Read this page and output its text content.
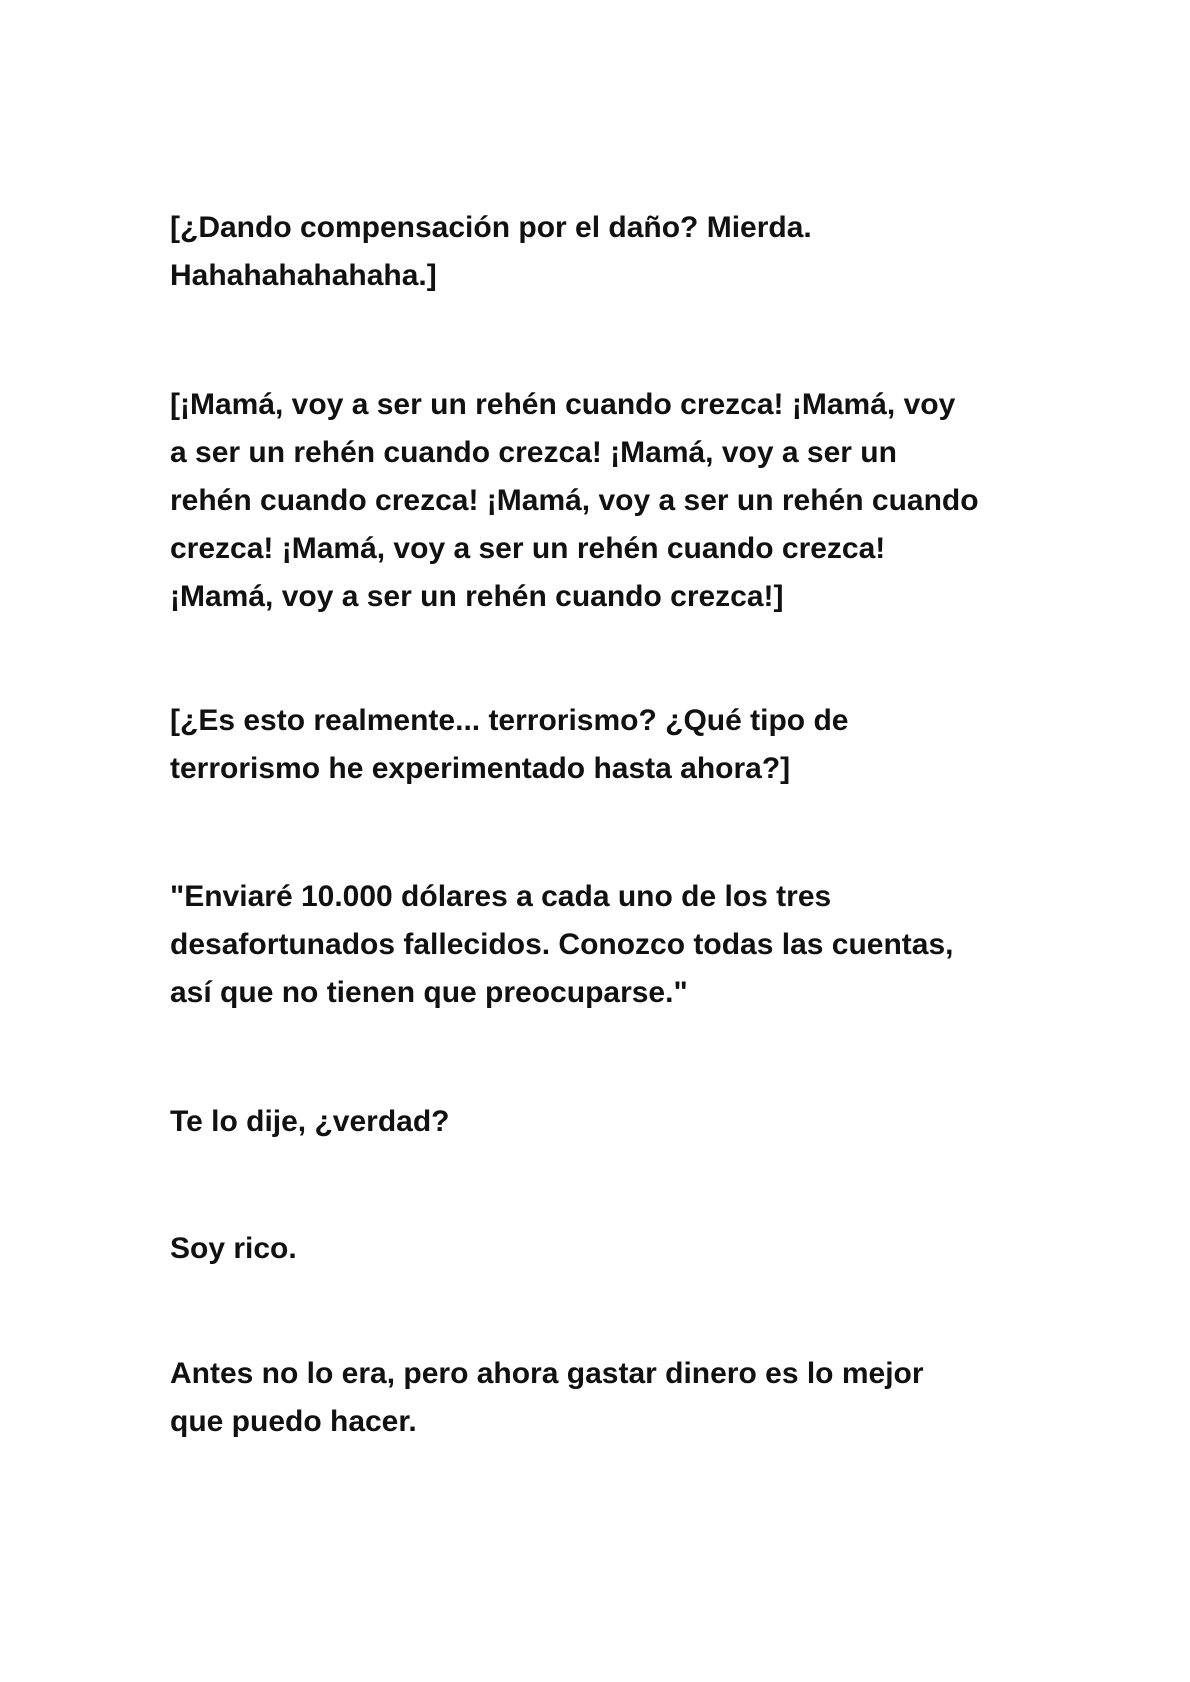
[¿Dando compensación por el daño? Mierda.
Hahahahahahaha.]

[¡Mamá, voy a ser un rehén cuando crezca! ¡Mamá, voy
a ser un rehén cuando crezca! ¡Mamá, voy a ser un
rehén cuando crezca! ¡Mamá, voy a ser un rehén cuando
crezca! ¡Mamá, voy a ser un rehén cuando crezca!
¡Mamá, voy a ser un rehén cuando crezca!]

[¿Es esto realmente... terrorismo? ¿Qué tipo de
terrorismo he experimentado hasta ahora?]

"Enviaré 10.000 dólares a cada uno de los tres
desafortunados fallecidos. Conozco todas las cuentas,
así que no tienen que preocuparse."

Te lo dije, ¿verdad?

Soy rico.

Antes no lo era, pero ahora gastar dinero es lo mejor
que puedo hacer.
